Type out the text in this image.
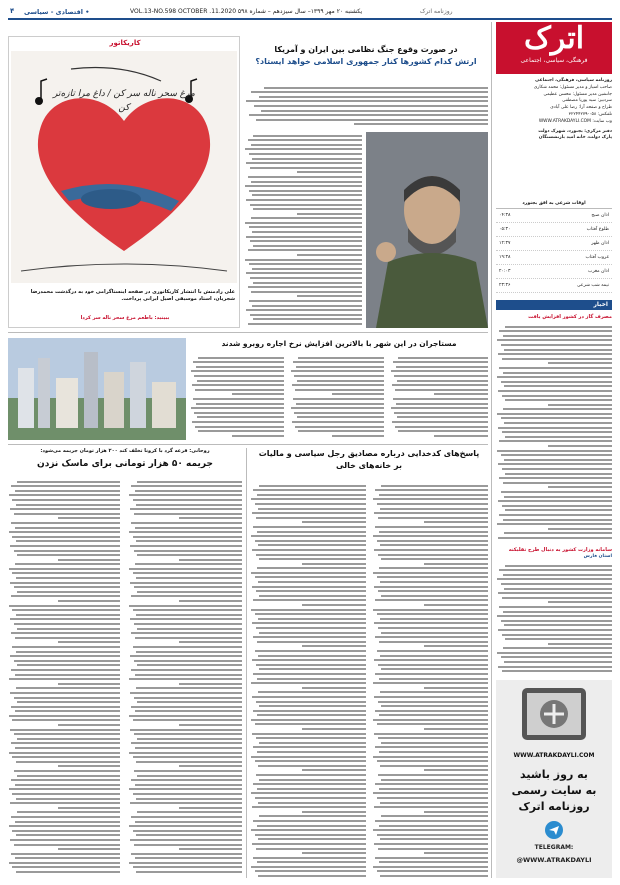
۴ • اقتصادی - سیاسی	VOL.13-NO.598 OCTOBER .11.2020 یکشنبه ۲۰ مهر ۱۳۹۹– سال سیزدهم – شماره ۵۹۸	روزنامه اترک
اترک
فرهنگی، سیاسی، اجتماعی
روزنامه سیاسی، فرهنگی، اجتماعی
صاحب امتیاز و مدیر مسئول: محمد شکاری
جانشین مدیر مسئول: محسن عظیمی
سردبیر: سید پوریا مصطفی
طراح و صفحه آرا: رضا علی آبادی
تلفکس: ۰۵۸-۳۲۲۴۴۲۷۹
وب سایت: WWW.ATRAKDAYLI.COM
دفتر مرکزی: بجنورد، شهرک دولت
پارک دولت، خانه امید بازنشستگان
اوقات شرعی به افق بجنورد
اذان صبح
۰۴:۳۸
طلوع آفتاب
۰۵:۳۰
اذان ظهر
۱۲:۳۷
غروب آفتاب
۱۹:۳۸
اذان مغرب
۲۰:۰۳
نیمه شب شرعی
۲۳:۳۶
اخبار
مصرف گاز در کشور افزایش یافت
سامانه وزارت کشور به دنبال طرح تقلبکنه
استان فارس
WWW.ATRAKDAYLI.COM
به روز باشید
به سایت رسمی
روزنامه اترک
TELEGRAM:
@WWW.ATRAKDAYLI
در صورت وقوع جنگ نظامی بین ایران و آمریکا
ارتش کدام کشورها کنار جمهوری اسلامی خواهد ایستاد؟
کاریکاتور
مرغ سحر ناله سر کن / داغ مرا تازه‌تر کن
علی رادمنش با انتشار کاریکاتوری در صفحه اینستاگرامی خود به درگذشت محمدرضا شجریان، استاد موسیقی اصیل ایرانی پرداخت.
ببینید: باطعم مرغ سحر ناله سر کردا
مستاجران در این شهر با بالاترین افزایش نرخ اجاره روبرو شدند
پاسخ‌های کدخدایی درباره مصادیق رجل سیاسی و مالیات
بر خانه‌های خالی
روحانی: قرعه گرد با کرونا تخلف کند ۲۰۰ هزار تومان جریمه می‌شود:
جریمه ۵۰ هزار تومانی برای ماسک نزدن
